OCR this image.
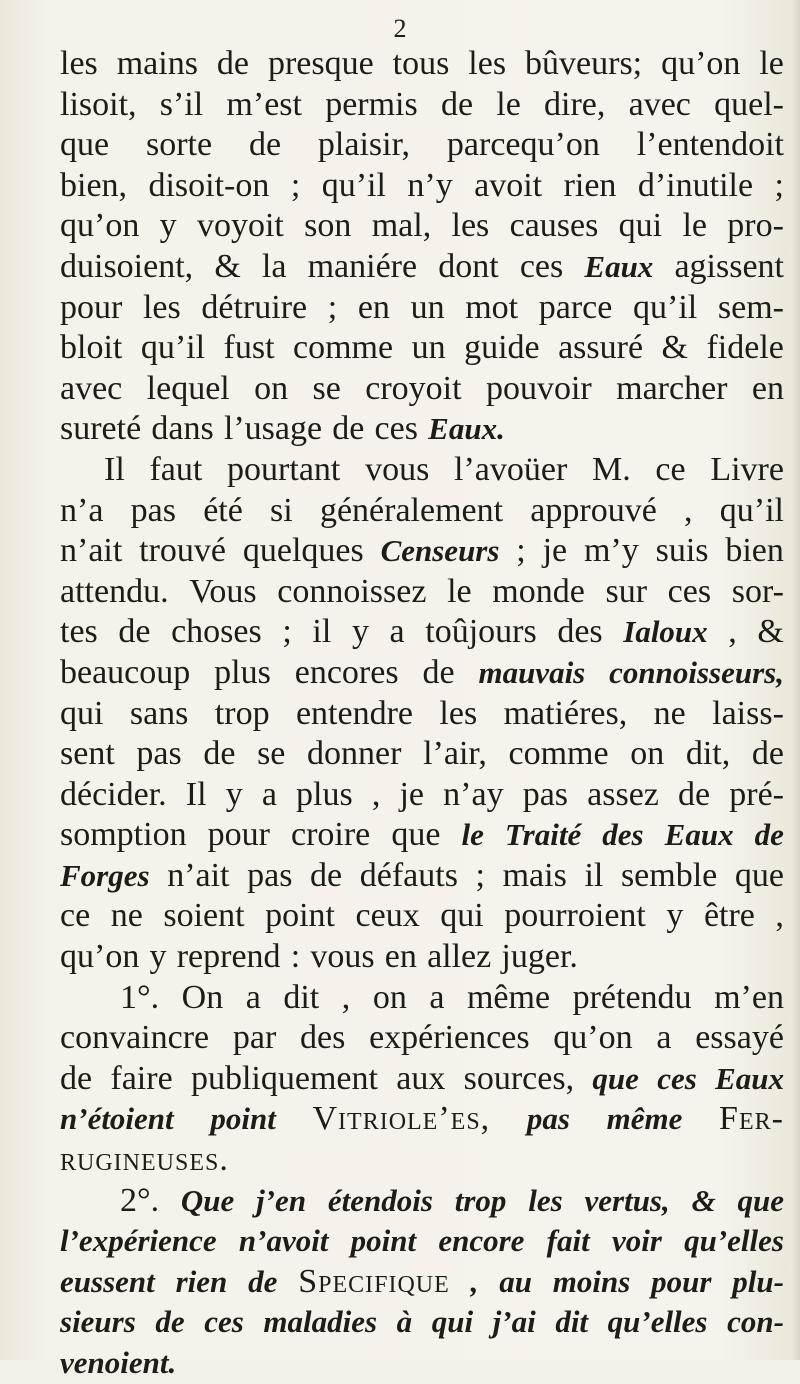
2
les mains de presque tous les bûveurs; qu’on le
lisoit, s’il m’est permis de le dire, avec quel-
que sorte de plaisir, parcequ’on l’entendoit
bien, disoit-on ; qu’il n’y avoit rien d’inutile ;
qu’on y voyoit son mal, les causes qui le pro-
duisoient, & la maniére dont ces Eaux agissent
pour les détruire ; en un mot parce qu’il sem-
bloit qu’il fust comme un guide assuré & fidele
avec lequel on se croyoit pouvoir marcher en
sureté dans l’usage de ces Eaux.
Il faut pourtant vous l’avoüer M. ce Livre
n’a pas été si généralement approuvé , qu’il
n’ait trouvé quelques Censeurs ; je m’y suis bien
attendu. Vous connoissez le monde sur ces sor-
tes de choses ; il y a toûjours des Ialoux , &
beaucoup plus encores de mauvais connoisseurs,
qui sans trop entendre les matiéres, ne laiss-
sent pas de se donner l’air, comme on dit, de
décider. Il y a plus , je n’ay pas assez de pré-
somption pour croire que le Traité des Eaux de
Forges n’ait pas de défauts ; mais il semble que
ce ne soient point ceux qui pourroient y être ,
qu’on y reprend : vous en allez juger.
1°. On a dit , on a même prétendu m’en
convaincre par des expériences qu’on a essayé
de faire publiquement aux sources, que ces Eaux
n’étoient point Vitriole’es, pas même Fer-
rugineuses.
2°. Que j’en étendois trop les vertus, & que
l’expérience n’avoit point encore fait voir qu’elles
eussent rien de Specifique , au moins pour plu-
sieurs de ces maladies à qui j’ai dit qu’elles con-
venoient.
